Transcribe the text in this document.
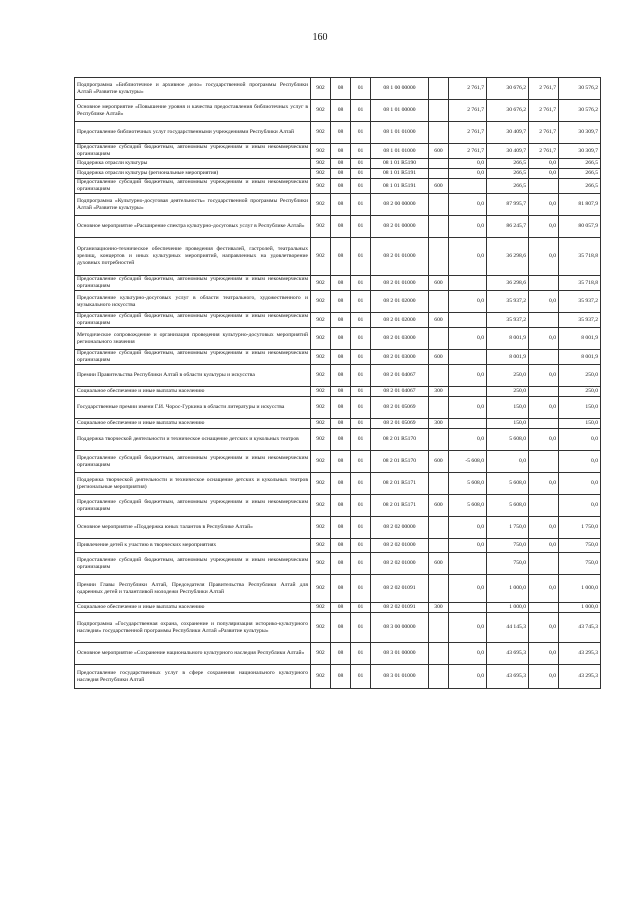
160
Подпрограмма «Библиотечное и архивное дело» государственной программы Республики Алтай «Развитие культуры»	902	08	01	08 1 00 00000		2 761,7	30 676,2	2 761,7	30 576,2
Основное мероприятие «Повышение уровня и качества предоставления библиотечных услуг в Республике Алтай»	902	08	01	08 1 01 00000		2 761,7	30 676,2	2 761,7	30 576,2
Предоставление библиотечных услуг государственными учреждениями Республики Алтай	902	08	01	08 1 01 01000		2 761,7	30 409,7	2 761,7	30 309,7
Предоставление субсидий бюджетным, автономным учреждениям и иным некоммерческим организациям	902	08	01	08 1 01 01000	600	2 761,7	30 409,7	2 761,7	30 309,7
Поддержка отрасли культуры	902	08	01	08 1 01 R5190		0,0	266,5	0,0	266,5
Поддержка отрасли культуры (региональные мероприятия)	902	08	01	08 1 01 R5191		0,0	266,5	0,0	266,5
Предоставление субсидий бюджетным, автономным учреждениям и иным некоммерческим организациям	902	08	01	08 1 01 R5191	600		266,5		266,5
Подпрограмма «Культурно-досуговая деятельность» государственной программы Республики Алтай «Развитие культуры»	902	08	01	08 2 00 00000		0,0	87 995,7	0,0	81 807,9
Основное мероприятие «Расширение спектра культурно-досуговых услуг в Республике Алтай»	902	08	01	08 2 01 00000		0,0	86 245,7	0,0	80 057,9
Организационно-техническое обеспечение проведения фестивалей, гастролей, театральных зрелищ, концертов и иных культурных мероприятий, направленных на удовлетворение духовных потребностей	902	08	01	08 2 01 01000		0,0	36 298,6	0,0	35 718,8
Предоставление субсидий бюджетным, автономным учреждениям и иным некоммерческим организациям	902	08	01	08 2 01 01000	600		36 298,6		35 718,8
Предоставление культурно-досуговых услуг в области театрального, художественного и музыкального искусства	902	08	01	08 2 01 02000		0,0	35 937,2	0,0	35 937,2
Предоставление субсидий бюджетным, автономным учреждениям и иным некоммерческим организациям	902	08	01	08 2 01 02000	600		35 937,2		35 937,2
Методическое сопровождение и организация проведения культурно-досуговых мероприятий регионального значения	902	08	01	08 2 01 03000		0,0	8 001,9	0,0	8 001,9
Предоставление субсидий бюджетным, автономным учреждениям и иным некоммерческим организациям	902	08	01	08 2 01 03000	600		8 001,9		8 001,9
Премии Правительства Республики Алтай в области культуры и искусства	902	08	01	08 2 01 04067		0,0	250,0	0,0	250,0
Социальное обеспечение и иные выплаты населению	902	08	01	08 2 01 04067	300		250,0		250,0
Государственные премии имени Г.И. Чорос-Гуркина в области литературы и искусства	902	08	01	08 2 01 05069		0,0	150,0	0,0	150,0
Социальное обеспечение и иные выплаты населению	902	08	01	08 2 01 05069	300		150,0		150,0
Поддержка творческой деятельности и техническое оснащение детских и кукольных театров	902	08	01	08 2 01 R5170		0,0	5 608,0	0,0	0,0
Предоставление субсидий бюджетным, автономным учреждениям и иным некоммерческим организациям	902	08	01	08 2 01 R5170	600	-5 608,0	0,0		0,0
Поддержка творческой деятельности и техническое оснащение детских и кукольных театров (региональные мероприятия)	902	08	01	08 2 01 R5171		5 608,0	5 608,0	0,0	0,0
Предоставление субсидий бюджетным, автономным учреждениям и иным некоммерческим организациям	902	08	01	08 2 01 R5171	600	5 608,0	5 608,0		0,0
Основное мероприятие «Поддержка юных талантов в Республике Алтай»	902	08	01	08 2 02 00000		0,0	1 750,0	0,0	1 750,0
Привлечение детей к участию в творческих мероприятиях	902	08	01	08 2 02 01000		0,0	750,0	0,0	750,0
Предоставление субсидий бюджетным, автономным учреждениям и иным некоммерческим организациям	902	08	01	08 2 02 01000	600		750,0		750,0
Премии Главы Республики Алтай, Председателя Правительства Республики Алтай для одаренных детей и талантливой молодежи Республики Алтай	902	08	01	08 2 02 01091		0,0	1 000,0	0,0	1 000,0
Социальное обеспечение и иные выплаты населению	902	08	01	08 2 02 01091	300		1 000,0		1 000,0
Подпрограмма «Государственная охрана, сохранение и популяризация историко-культурного наследия» государственной программы Республики Алтай «Развитие культуры»	902	08	01	08 3 00 00000		0,0	44 145,3	0,0	43 745,3
Основное мероприятие «Сохранение национального культурного наследия Республики Алтай»	902	08	01	08 3 01 00000		0,0	43 695,3	0,0	43 295,3
Предоставление государственных услуг в сфере сохранения национального культурного наследия Республики Алтай	902	08	01	08 3 01 01000		0,0	43 695,3	0,0	43 295,3
